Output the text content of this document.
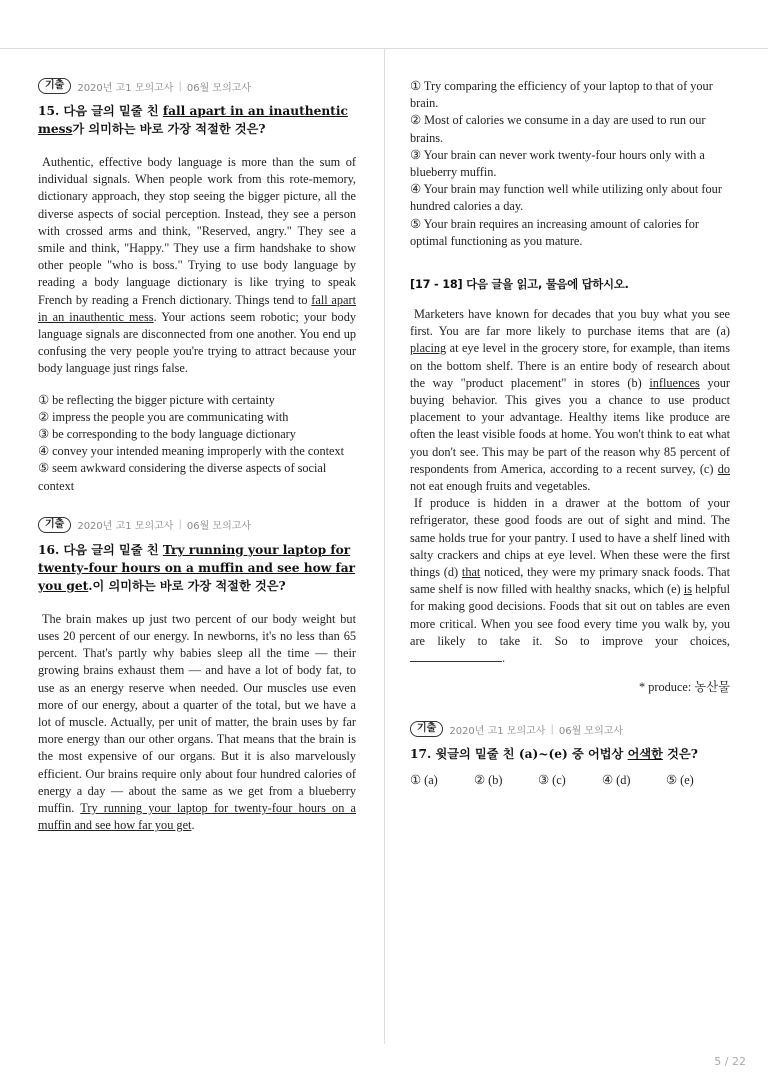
기출	2020년 고1 모의고사 | 06월 모의고사
15. 다음 글의 밑줄 친 fall apart in an inauthentic mess가 의미하는 바로 가장 적절한 것은?

Authentic, effective body language is more than the sum of individual signals. When people work from this rote-memory, dictionary approach, they stop seeing the bigger picture, all the diverse aspects of social perception. Instead, they see a person with crossed arms and think, "Reserved, angry." They see a smile and think, "Happy." They use a firm handshake to show other people "who is boss." Trying to use body language by reading a body language dictionary is like trying to speak French by reading a French dictionary. Things tend to fall apart in an inauthentic mess. Your actions seem robotic; your body language signals are disconnected from one another. You end up confusing the very people you're trying to attract because your body language just rings false.

① be reflecting the bigger picture with certainty
② impress the people you are communicating with
③ be corresponding to the body language dictionary
④ convey your intended meaning improperly with the context
⑤ seem awkward considering the diverse aspects of social context
기출	2020년 고1 모의고사 | 06월 모의고사
16. 다음 글의 밑줄 친 Try running your laptop for twenty-four hours on a muffin and see how far you get.이 의미하는 바로 가장 적절한 것은?

The brain makes up just two percent of our body weight but uses 20 percent of our energy. In newborns, it's no less than 65 percent. That's partly why babies sleep all the time — their growing brains exhaust them — and have a lot of body fat, to use as an energy reserve when needed. Our muscles use even more of our energy, about a quarter of the total, but we have a lot of muscle. Actually, per unit of matter, the brain uses by far more energy than our other organs. That means that the brain is the most expensive of our organs. But it is also marvelously efficient. Our brains require only about four hundred calories of energy a day — about the same as we get from a blueberry muffin. Try running your laptop for twenty-four hours on a muffin and see how far you get.

① Try comparing the efficiency of your laptop to that of your brain.
② Most of calories we consume in a day are used to run our brains.
③ Your brain can never work twenty-four hours only with a blueberry muffin.
④ Your brain may function well while utilizing only about four hundred calories a day.
⑤ Your brain requires an increasing amount of calories for optimal functioning as you mature.
[17 - 18] 다음 글을 읽고, 물음에 답하시오.

Marketers have known for decades that you buy what you see first. You are far more likely to purchase items that are (a) placing at eye level in the grocery store, for example, than items on the bottom shelf. There is an entire body of research about the way "product placement" in stores (b) influences your buying behavior. This gives you a chance to use product placement to your advantage. Healthy items like produce are often the least visible foods at home. You won't think to eat what you don't see. This may be part of the reason why 85 percent of respondents from America, according to a recent survey, (c) do not eat enough fruits and vegetables.

If produce is hidden in a drawer at the bottom of your refrigerator, these good foods are out of sight and mind. The same holds true for your pantry. I used to have a shelf lined with salty crackers and chips at eye level. When these were the first things (d) that noticed, they were my primary snack foods. That same shelf is now filled with healthy snacks, which (e) is helpful for making good decisions. Foods that sit out on tables are even more critical. When you see food every time you walk by, you are likely to take it. So to improve your choices, .

* produce: 농산물
기출	2020년 고1 모의고사 | 06월 모의고사
17. 윗글의 밑줄 친 (a)~(e) 중 어법상 어색한 것은?
① (a)	② (b)	③ (c)	④ (d)	⑤ (e)
5 / 22
